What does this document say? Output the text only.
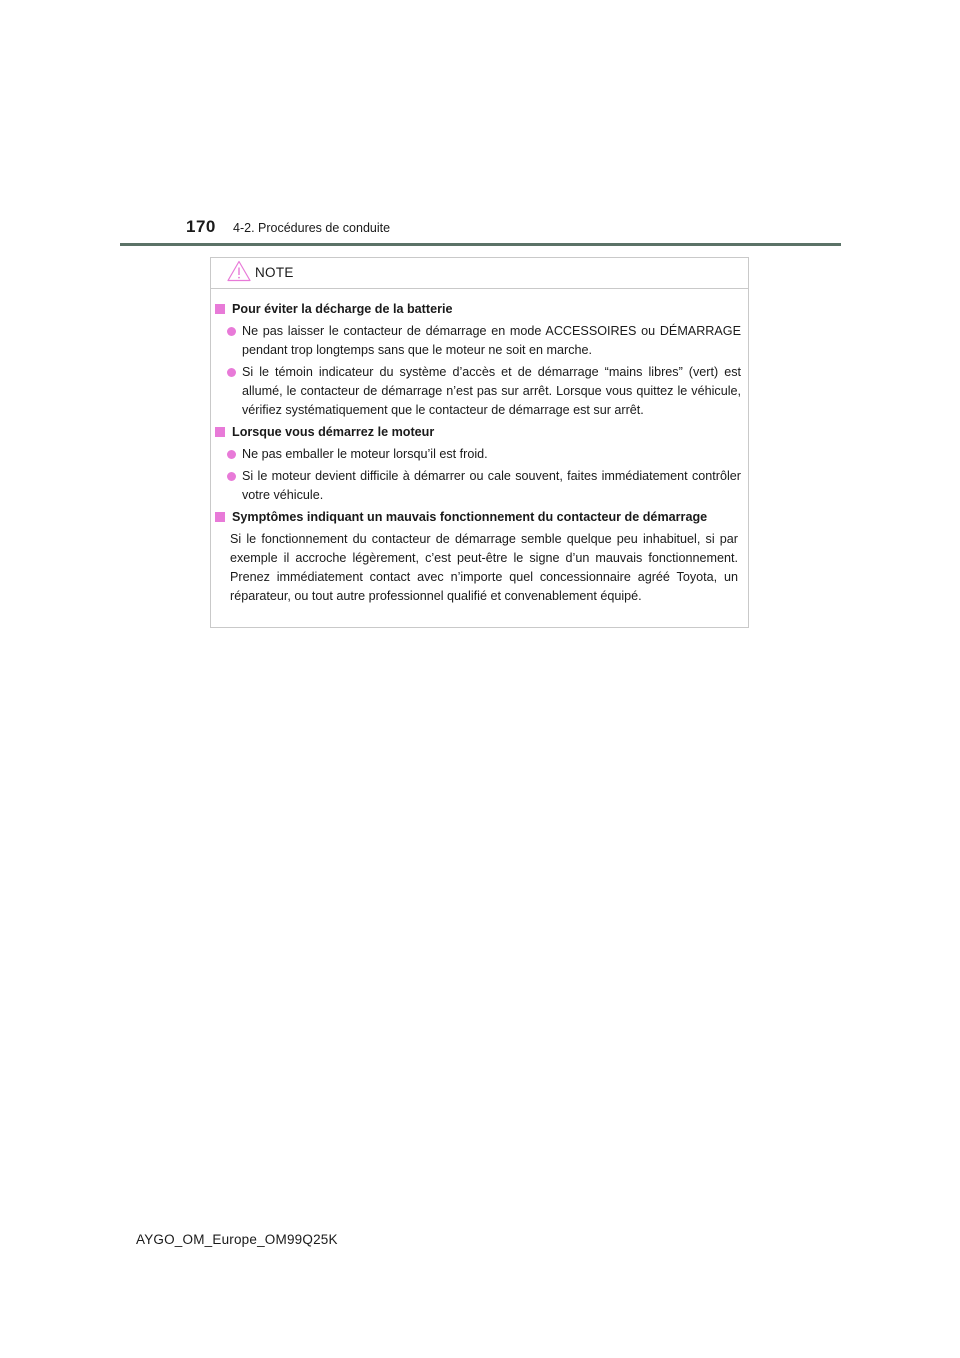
170 4-2. Procédures de conduite
NOTE
Pour éviter la décharge de la batterie
Ne pas laisser le contacteur de démarrage en mode ACCESSOIRES ou DÉMARRAGE pendant trop longtemps sans que le moteur ne soit en marche.
Si le témoin indicateur du système d’accès et de démarrage “mains libres” (vert) est allumé, le contacteur de démarrage n’est pas sur arrêt. Lorsque vous quittez le véhicule, vérifiez systématiquement que le contacteur de démarrage est sur arrêt.
Lorsque vous démarrez le moteur
Ne pas emballer le moteur lorsqu’il est froid.
Si le moteur devient difficile à démarrer ou cale souvent, faites immédiatement contrôler votre véhicule.
Symptômes indiquant un mauvais fonctionnement du contacteur de démarrage
Si le fonctionnement du contacteur de démarrage semble quelque peu inhabituel, si par exemple il accroche légèrement, c’est peut-être le signe d’un mauvais fonctionnement. Prenez immédiatement contact avec n’importe quel concessionnaire agréé Toyota, un réparateur, ou tout autre professionnel qualifié et convenablement équipé.
AYGO_OM_Europe_OM99Q25K
